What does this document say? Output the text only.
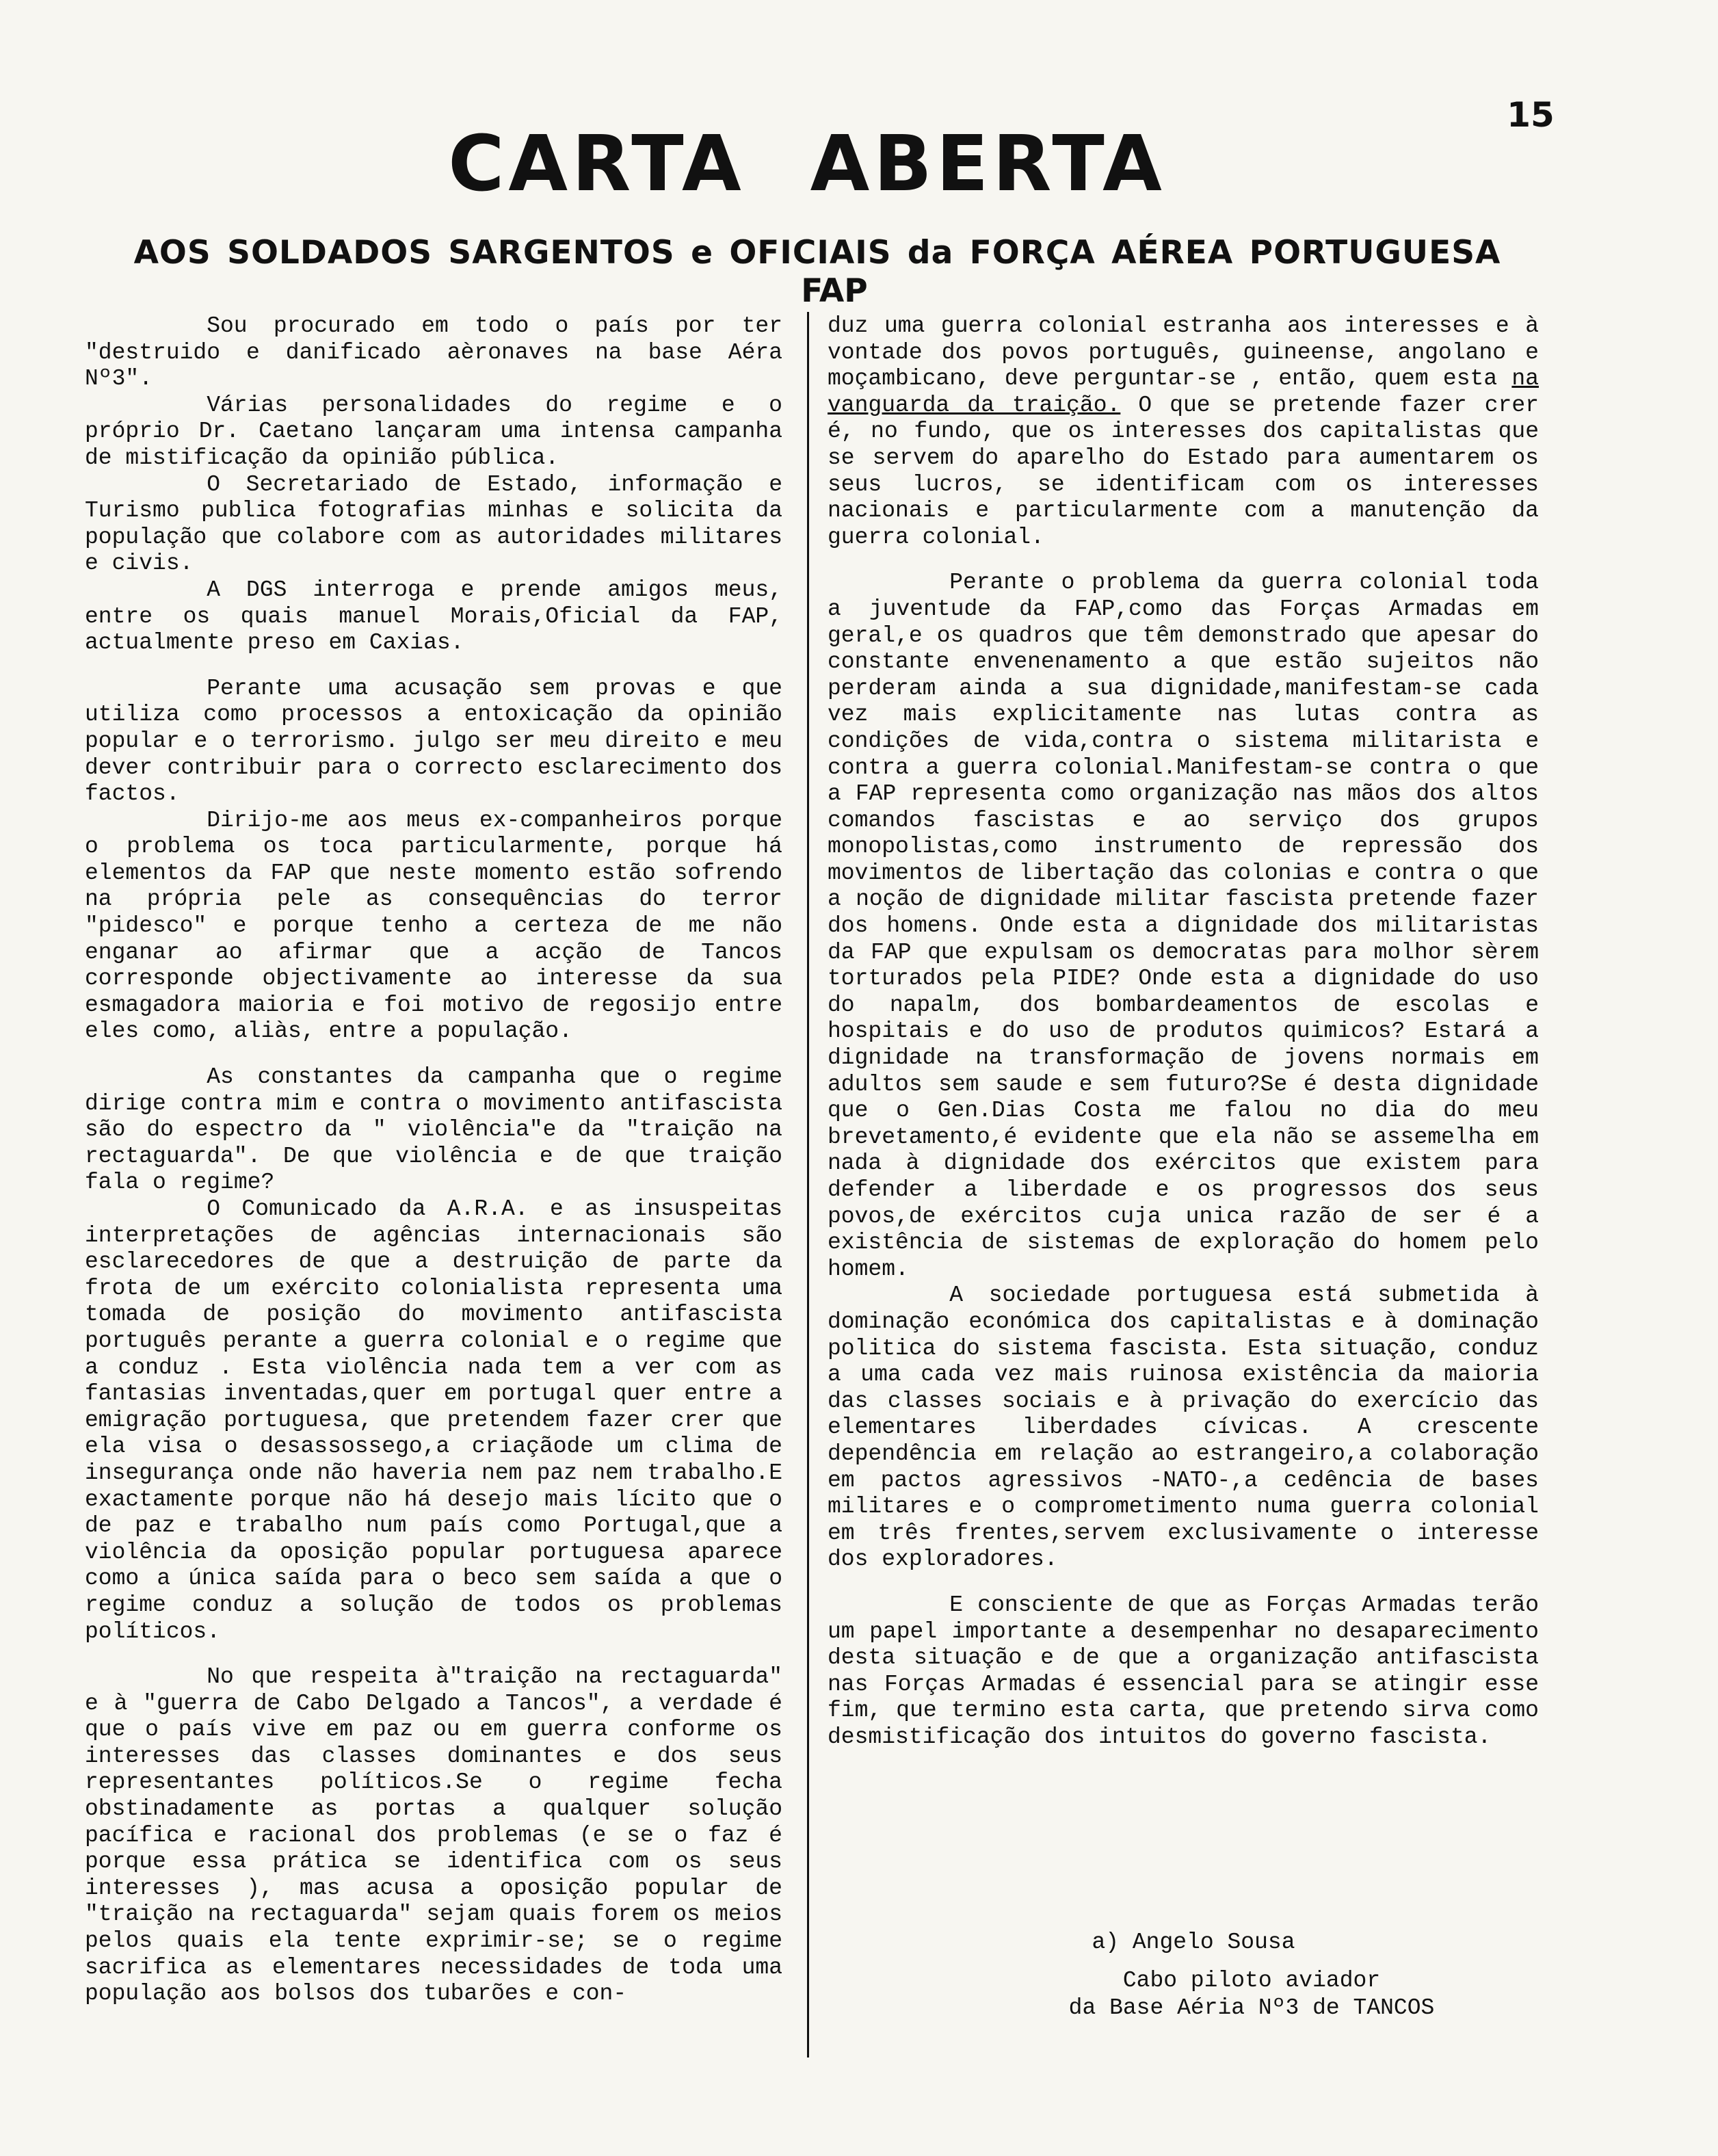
15
CARTA ABERTA
AOS SOLDADOS SARGENTOS e OFICIAIS da FORÇA AÉREA PORTUGUESA
FAP

Sou procurado em todo o país por ter "destruido e danificado aèronaves na base Aéra Nº3".

Várias personalidades do regime e o próprio Dr. Caetano lançaram uma intensa campanha de mistificação da opinião pública.

O Secretariado de Estado, informação e Turismo publica fotografias minhas e solicita da população que colabore com as autoridades militares e civis.

A DGS interroga e prende amigos meus, entre os quais manuel Morais,Oficial da FAP, actualmente preso em Caxias.

Perante uma acusação sem provas e que utiliza como processos a entoxicação da opinião popular e o terrorismo. julgo ser meu direito e meu dever contribuir para o correcto esclarecimento dos factos.

Dirijo-me aos meus ex-companheiros porque o problema os toca particularmente, porque há elementos da FAP que neste momento estão sofrendo na própria pele as consequências do terror "pidesco" e porque tenho a certeza de me não enganar ao afirmar que a acção de Tancos corresponde objectivamente ao interesse da sua esmagadora maioria e foi motivo de regosijo entre eles como, aliàs, entre a população.

As constantes da campanha que o regime dirige contra mim e contra o movimento antifascista são do espectro da " violência"e da "traição na rectaguarda". De que violência e de que traição fala o regime?

O Comunicado da A.R.A. e as insuspeitas interpretações de agências internacionais são esclarecedores de que a destruição de parte da frota de um exército colonialista representa uma tomada de posição do movimento antifascista português perante a guerra colonial e o regime que a conduz . Esta violência nada tem a ver com as fantasias inventadas,quer em portugal quer entre a emigração portuguesa, que pretendem fazer crer que ela visa o desassossego,a criaçãode um clima de insegurança onde não haveria nem paz nem trabalho.E exactamente porque não há desejo mais lícito que o de paz e trabalho num país como Portugal,que a violência da oposição popular portuguesa aparece como a única saída para o beco sem saída a que o regime conduz a solução de todos os problemas políticos.

No que respeita à"traição na rectaguarda" e à "guerra de Cabo Delgado a Tancos", a verdade é que o país vive em paz ou em guerra conforme os interesses das classes dominantes e dos seus representantes políticos.Se o regime fecha obstinadamente as portas a qualquer solução pacífica e racional dos problemas (e se o faz é porque essa prática se identifica com os seus interesses ), mas acusa a oposição popular de "traição na rectaguarda" sejam quais forem os meios pelos quais ela tente exprimir-se; se o regime sacrifica as elementares necessidades de toda uma população aos bolsos dos tubarões e con-

duz uma guerra colonial estranha aos interesses e à vontade dos povos português, guineense, angolano e moçambicano, deve perguntar-se , então, quem esta na vanguarda da traição. O que se pretende fazer crer é, no fundo, que os interesses dos capitalistas que se servem do aparelho do Estado para aumentarem os seus lucros, se identificam com os interesses nacionais e particularmente com a manutenção da guerra colonial.

Perante o problema da guerra colonial toda a juventude da FAP,como das Forças Armadas em geral,e os quadros que têm demonstrado que apesar do constante envenenamento a que estão sujeitos não perderam ainda a sua dignidade,manifestam-se cada vez mais explicitamente nas lutas contra as condições de vida,contra o sistema militarista e contra a guerra colonial.Manifestam-se contra o que a FAP representa como organização nas mãos dos altos comandos fascistas e ao serviço dos grupos monopolistas,como instrumento de repressão dos movimentos de libertação das colonias e contra o que a noção de dignidade militar fascista pretende fazer dos homens. Onde esta a dignidade dos militaristas da FAP que expulsam os democratas para molhor sèrem torturados pela PIDE? Onde esta a dignidade do uso do napalm, dos bombardeamentos de escolas e hospitais e do uso de produtos quimicos? Estará a dignidade na transformação de jovens normais em adultos sem saude e sem futuro?Se é desta dignidade que o Gen.Dias Costa me falou no dia do meu brevetamento,é evidente que ela não se assemelha em nada à dignidade dos exércitos que existem para defender a liberdade e os progressos dos seus povos,de exércitos cuja unica razão de ser é a existência de sistemas de exploração do homem pelo homem.

A sociedade portuguesa está submetida à dominação económica dos capitalistas e à dominação politica do sistema fascista. Esta situação, conduz a uma cada vez mais ruinosa existência da maioria das classes sociais e à privação do exercício das elementares liberdades cívicas. A crescente dependência em relação ao estrangeiro,a colaboração em pactos agressivos -NATO-,a cedência de bases militares e o comprometimento numa guerra colonial em três frentes,servem exclusivamente o interesse dos exploradores.

E consciente de que as Forças Armadas terão um papel importante a desempenhar no desaparecimento desta situação e de que a organização antifascista nas Forças Armadas é essencial para se atingir esse fim, que termino esta carta, que pretendo sirva como desmistificação dos intuitos do governo fascista.

a) Angelo Sousa
Cabo piloto aviador
da Base Aéria Nº3 de TANCOS
